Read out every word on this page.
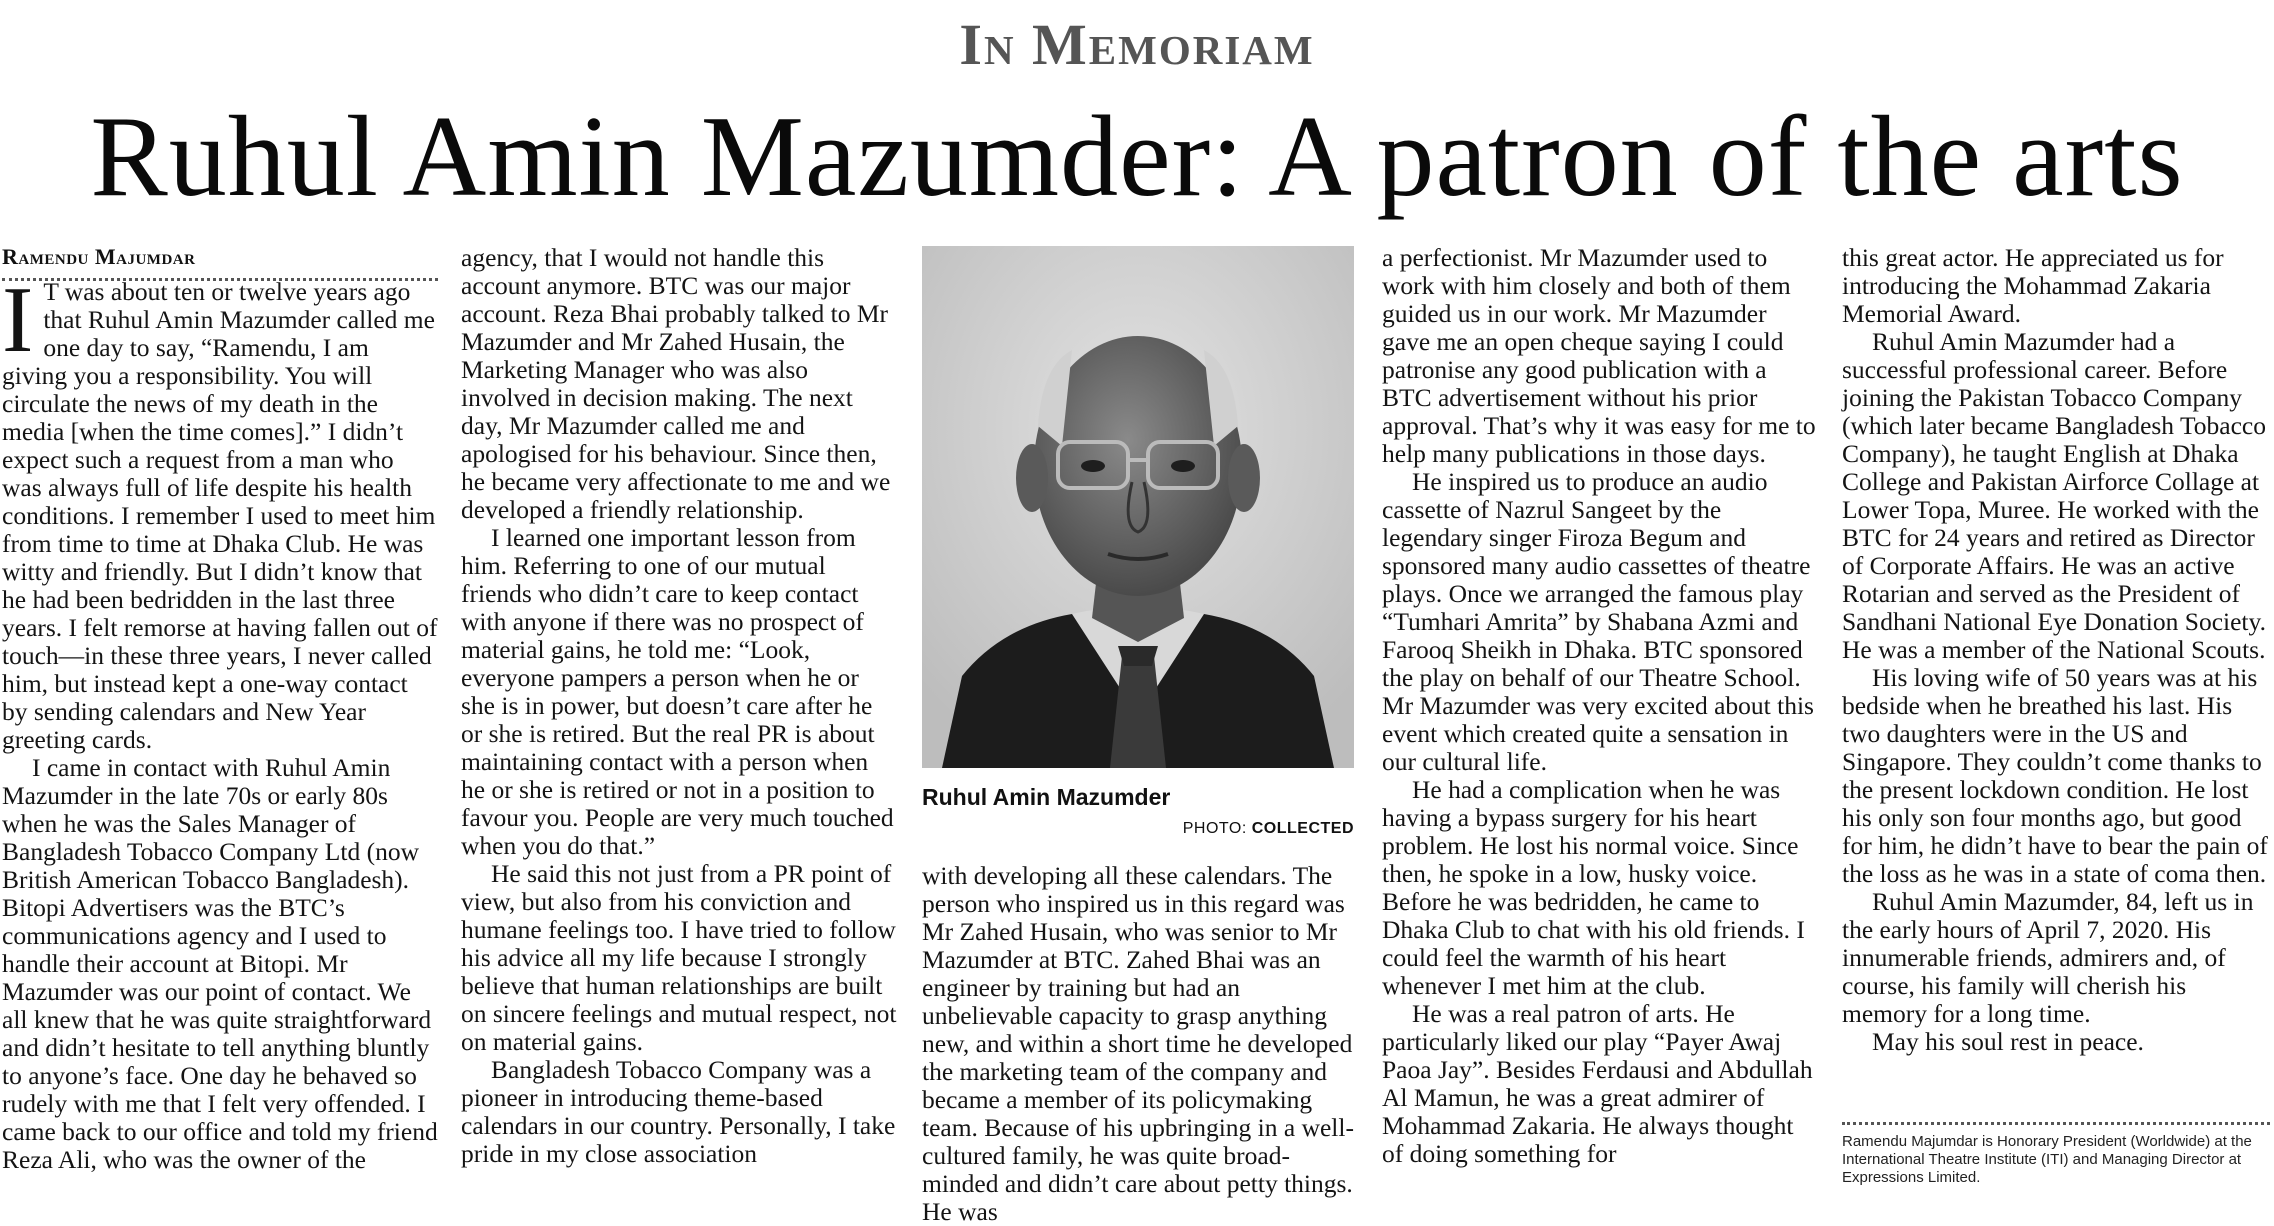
In Memoriam
Ruhul Amin Mazumder: A patron of the arts
Ramendu Majumdar

I T was about ten or twelve years ago that Ruhul Amin Mazumder called me one day to say, “Ramendu, I am giving you a responsibility. You will circulate the news of my death in the media [when the time comes].” I didn’t expect such a request from a man who was always full of life despite his health conditions. I remember I used to meet him from time to time at Dhaka Club. He was witty and friendly. But I didn’t know that he had been bedridden in the last three years. I felt remorse at having fallen out of touch—in these three years, I never called him, but instead kept a one-way contact by sending calendars and New Year greeting cards.

I came in contact with Ruhul Amin Mazumder in the late 70s or early 80s when he was the Sales Manager of Bangladesh Tobacco Company Ltd (now British American Tobacco Bangladesh). Bitopi Advertisers was the BTC’s communications agency and I used to handle their account at Bitopi. Mr Mazumder was our point of contact. We all knew that he was quite straightforward and didn’t hesitate to tell anything bluntly to anyone’s face. One day he behaved so rudely with me that I felt very offended. I came back to our office and told my friend Reza Ali, who was the owner of the

agency, that I would not handle this account anymore. BTC was our major account. Reza Bhai probably talked to Mr Mazumder and Mr Zahed Husain, the Marketing Manager who was also involved in decision making. The next day, Mr Mazumder called me and apologised for his behaviour. Since then, he became very affectionate to me and we developed a friendly relationship.

I learned one important lesson from him. Referring to one of our mutual friends who didn’t care to keep contact with anyone if there was no prospect of material gains, he told me: “Look, everyone pampers a person when he or she is in power, but doesn’t care after he or she is retired. But the real PR is about maintaining contact with a person when he or she is retired or not in a position to favour you. People are very much touched when you do that.”

He said this not just from a PR point of view, but also from his conviction and humane feelings too. I have tried to follow his advice all my life because I strongly believe that human relationships are built on sincere feelings and mutual respect, not on material gains.

Bangladesh Tobacco Company was a pioneer in introducing theme-based calendars in our country. Personally, I take pride in my close association

Ruhul Amin Mazumder
PHOTO: COLLECTED

with developing all these calendars. The person who inspired us in this regard was Mr Zahed Husain, who was senior to Mr Mazumder at BTC. Zahed Bhai was an engineer by training but had an unbelievable capacity to grasp anything new, and within a short time he developed the marketing team of the company and became a member of its policymaking team. Because of his upbringing in a well-cultured family, he was quite broad-minded and didn’t care about petty things. He was

a perfectionist. Mr Mazumder used to work with him closely and both of them guided us in our work. Mr Mazumder gave me an open cheque saying I could patronise any good publication with a BTC advertisement without his prior approval. That’s why it was easy for me to help many publications in those days.

He inspired us to produce an audio cassette of Nazrul Sangeet by the legendary singer Firoza Begum and sponsored many audio cassettes of theatre plays. Once we arranged the famous play “Tumhari Amrita” by Shabana Azmi and Farooq Sheikh in Dhaka. BTC sponsored the play on behalf of our Theatre School. Mr Mazumder was very excited about this event which created quite a sensation in our cultural life.

He had a complication when he was having a bypass surgery for his heart problem. He lost his normal voice. Since then, he spoke in a low, husky voice. Before he was bedridden, he came to Dhaka Club to chat with his old friends. I could feel the warmth of his heart whenever I met him at the club.

He was a real patron of arts. He particularly liked our play “Payer Awaj Paoa Jay”. Besides Ferdausi and Abdullah Al Mamun, he was a great admirer of Mohammad Zakaria. He always thought of doing something for

this great actor. He appreciated us for introducing the Mohammad Zakaria Memorial Award.

Ruhul Amin Mazumder had a successful professional career. Before joining the Pakistan Tobacco Company (which later became Bangladesh Tobacco Company), he taught English at Dhaka College and Pakistan Airforce Collage at Lower Topa, Muree. He worked with the BTC for 24 years and retired as Director of Corporate Affairs. He was an active Rotarian and served as the President of Sandhani National Eye Donation Society. He was a member of the National Scouts.

His loving wife of 50 years was at his bedside when he breathed his last. His two daughters were in the US and Singapore. They couldn’t come thanks to the present lockdown condition. He lost his only son four months ago, but good for him, he didn’t have to bear the pain of the loss as he was in a state of coma then.

Ruhul Amin Mazumder, 84, left us in the early hours of April 7, 2020. His innumerable friends, admirers and, of course, his family will cherish his memory for a long time.

May his soul rest in peace.

Ramendu Majumdar is Honorary President (Worldwide) at the International Theatre Institute (ITI) and Managing Director at Expressions Limited.
